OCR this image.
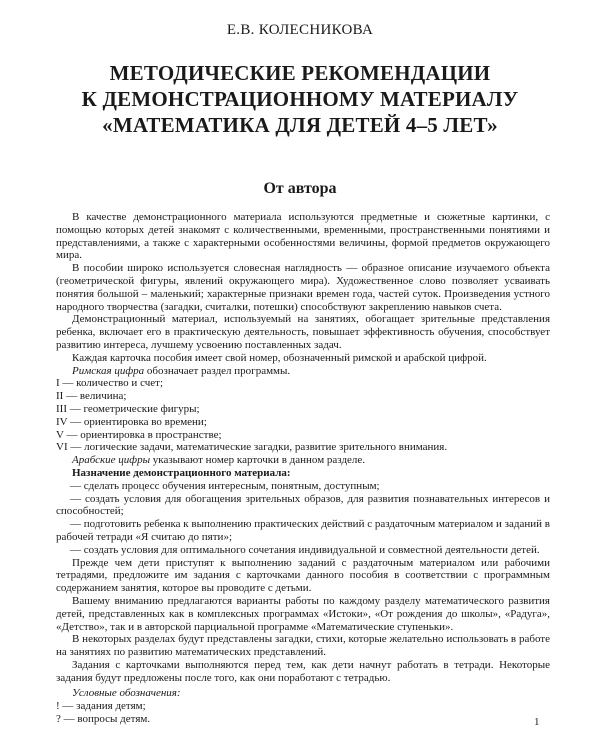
Е.В. КОЛЕСНИКОВА
МЕТОДИЧЕСКИЕ РЕКОМЕНДАЦИИ
К ДЕМОНСТРАЦИОННОМУ МАТЕРИАЛУ
«МАТЕМАТИКА ДЛЯ ДЕТЕЙ 4–5 ЛЕТ»
От автора

В качестве демонстрационного материала используются предметные и сюжетные картинки, с помощью которых детей знакомят с количественными, временны́ми, пространственными понятиями и представлениями, а также с характерными особенностями величины, формой предметов окружающего мира.

В пособии широко используется словесная наглядность — образное описание изучаемого объекта (геометрической фигуры, явлений окружающего мира). Художественное слово позволяет усваивать понятия большой – маленький; характерные признаки времен года, частей суток. Произведения устного народного творчества (загадки, считалки, потешки) способствуют закреплению навыков счета.

Демонстрационный материал, используемый на занятиях, обогащает зрительные представления ребенка, включает его в практическую деятельность, повышает эффективность обучения, способствует развитию интереса, лучшему усвоению поставленных задач.

Каждая карточка пособия имеет свой номер, обозначенный римской и арабской цифрой.

Римская цифра обозначает раздел программы.

I — количество и счет;

II — величина;

III — геометрические фигуры;

IV — ориентировка во времени;

V — ориентировка в пространстве;

VI — логические задачи, математические загадки, развитие зрительного внимания.

Арабские цифры указывают номер карточки в данном разделе.

Назначение демонстрационного материала:

— сделать процесс обучения интересным, понятным, доступным;

— создать условия для обогащения зрительных образов, для развития познавательных интересов и способностей;

— подготовить ребенка к выполнению практических действий с раздаточным материалом и заданий в рабочей тетради «Я считаю до пяти»;

— создать условия для оптимального сочетания индивидуальной и совместной деятельности детей.

Прежде чем дети приступят к выполнению заданий с раздаточным материалом или рабочими тетрадями, предложите им задания с карточками данного пособия в соответствии с программным содержанием занятия, которое вы проводите с детьми.

Вашему вниманию предлагаются варианты работы по каждому разделу математического развития детей, представленных как в комплексных программах «Истоки», «От рождения до школы», «Радуга», «Детство», так и в авторской парциальной программе «Математические ступеньки».

В некоторых разделах будут представлены загадки, стихи, которые желательно использовать в работе на занятиях по развитию математических представлений.

Задания с карточками выполняются перед тем, как дети начнут работать в тетради. Некоторые задания будут предложены после того, как они поработают с тетрадью.

Условные обозначения:

! — задания детям;

? — вопросы детям.	1
